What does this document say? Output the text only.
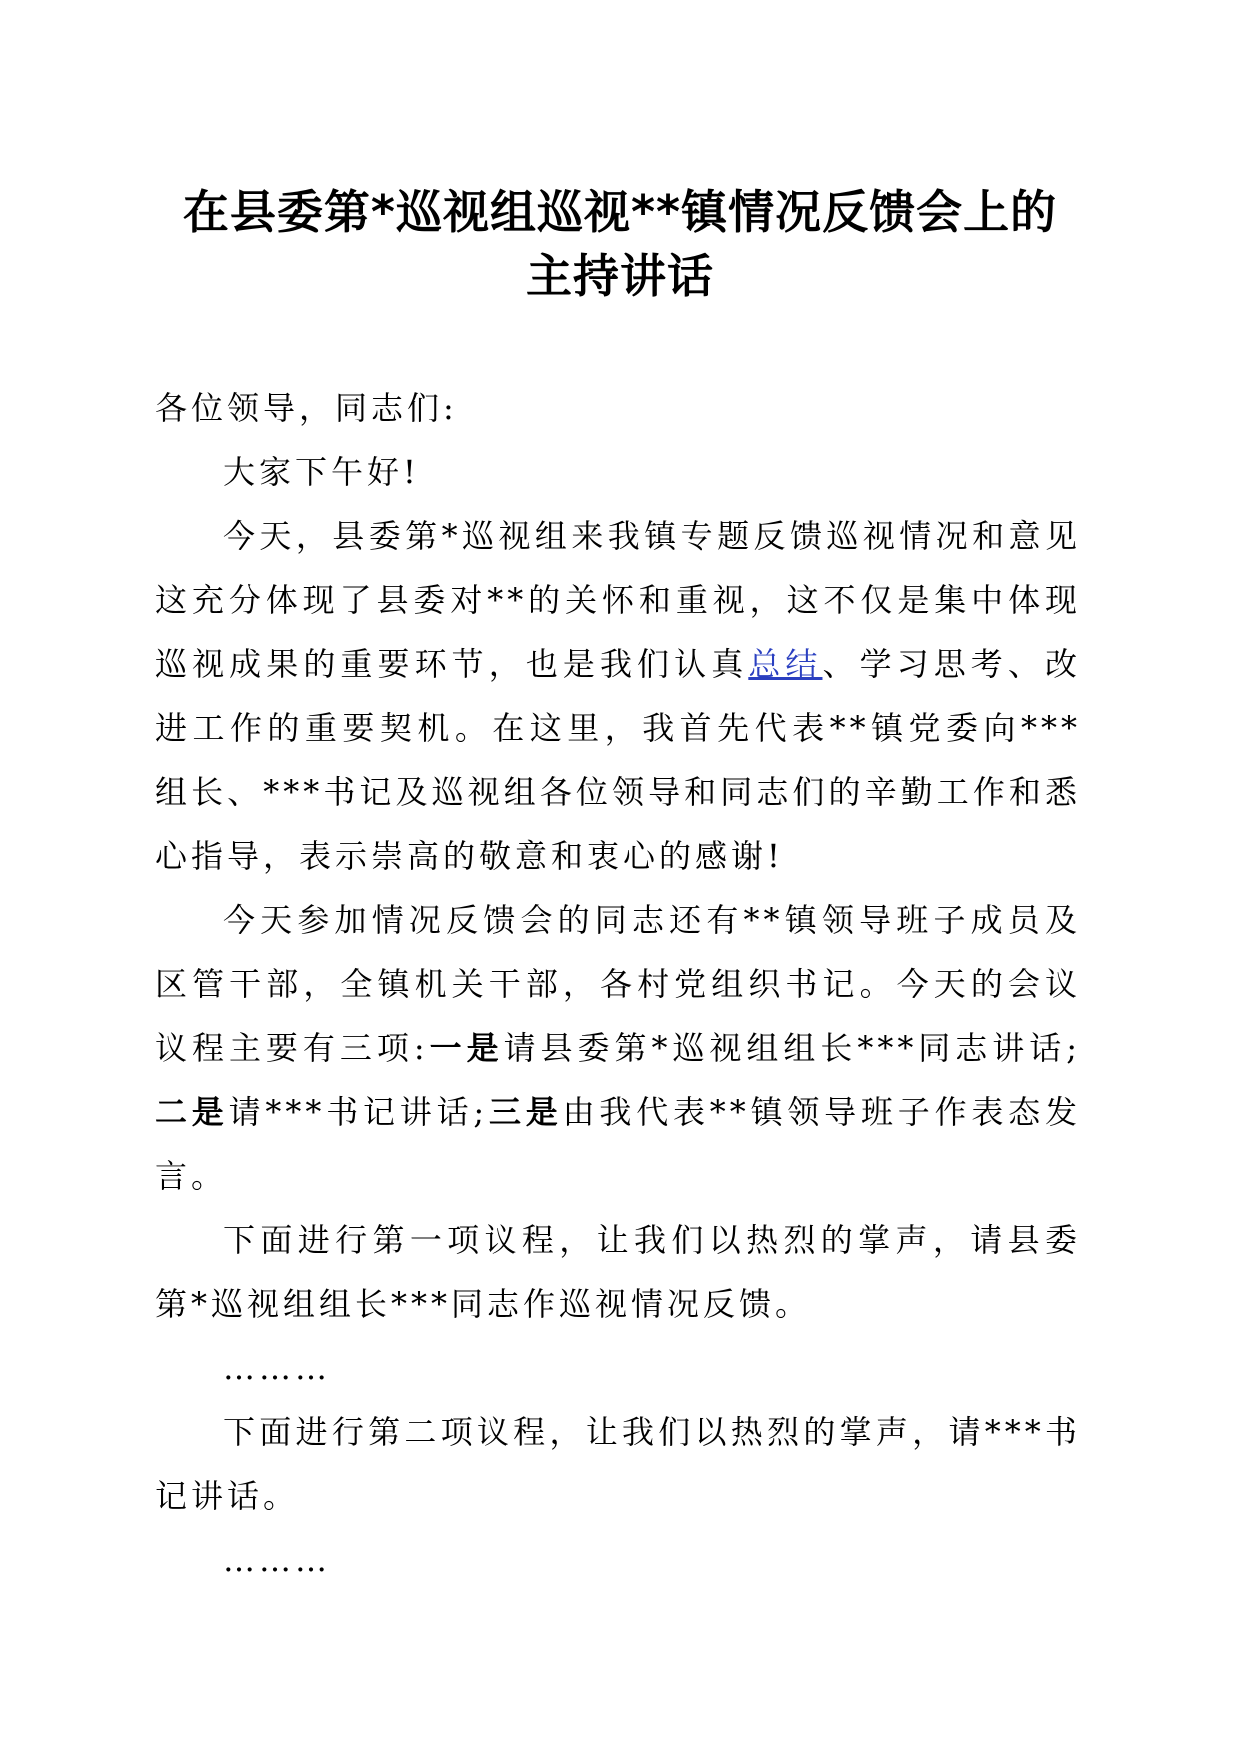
在县委第*巡视组巡视**镇情况反馈会上的
主持讲话

各位领导，同志们:

大家下午好!

今天，县委第*巡视组来我镇专题反馈巡视情况和意见这充分体现了县委对**的关怀和重视，这不仅是集中体现巡视成果的重要环节，也是我们认真总结、学习思考、改进工作的重要契机。在这里，我首先代表**镇党委向***组长、***书记及巡视组各位领导和同志们的辛勤工作和悉心指导，表示崇高的敬意和衷心的感谢!

今天参加情况反馈会的同志还有**镇领导班子成员及区管干部，全镇机关干部，各村党组织书记。今天的会议议程主要有三项:一是请县委第*巡视组组长***同志讲话;二是请***书记讲话;三是由我代表**镇领导班子作表态发言。

下面进行第一项议程，让我们以热烈的掌声，请县委第*巡视组组长***同志作巡视情况反馈。

………

下面进行第二项议程，让我们以热烈的掌声，请***书记讲话。

………
